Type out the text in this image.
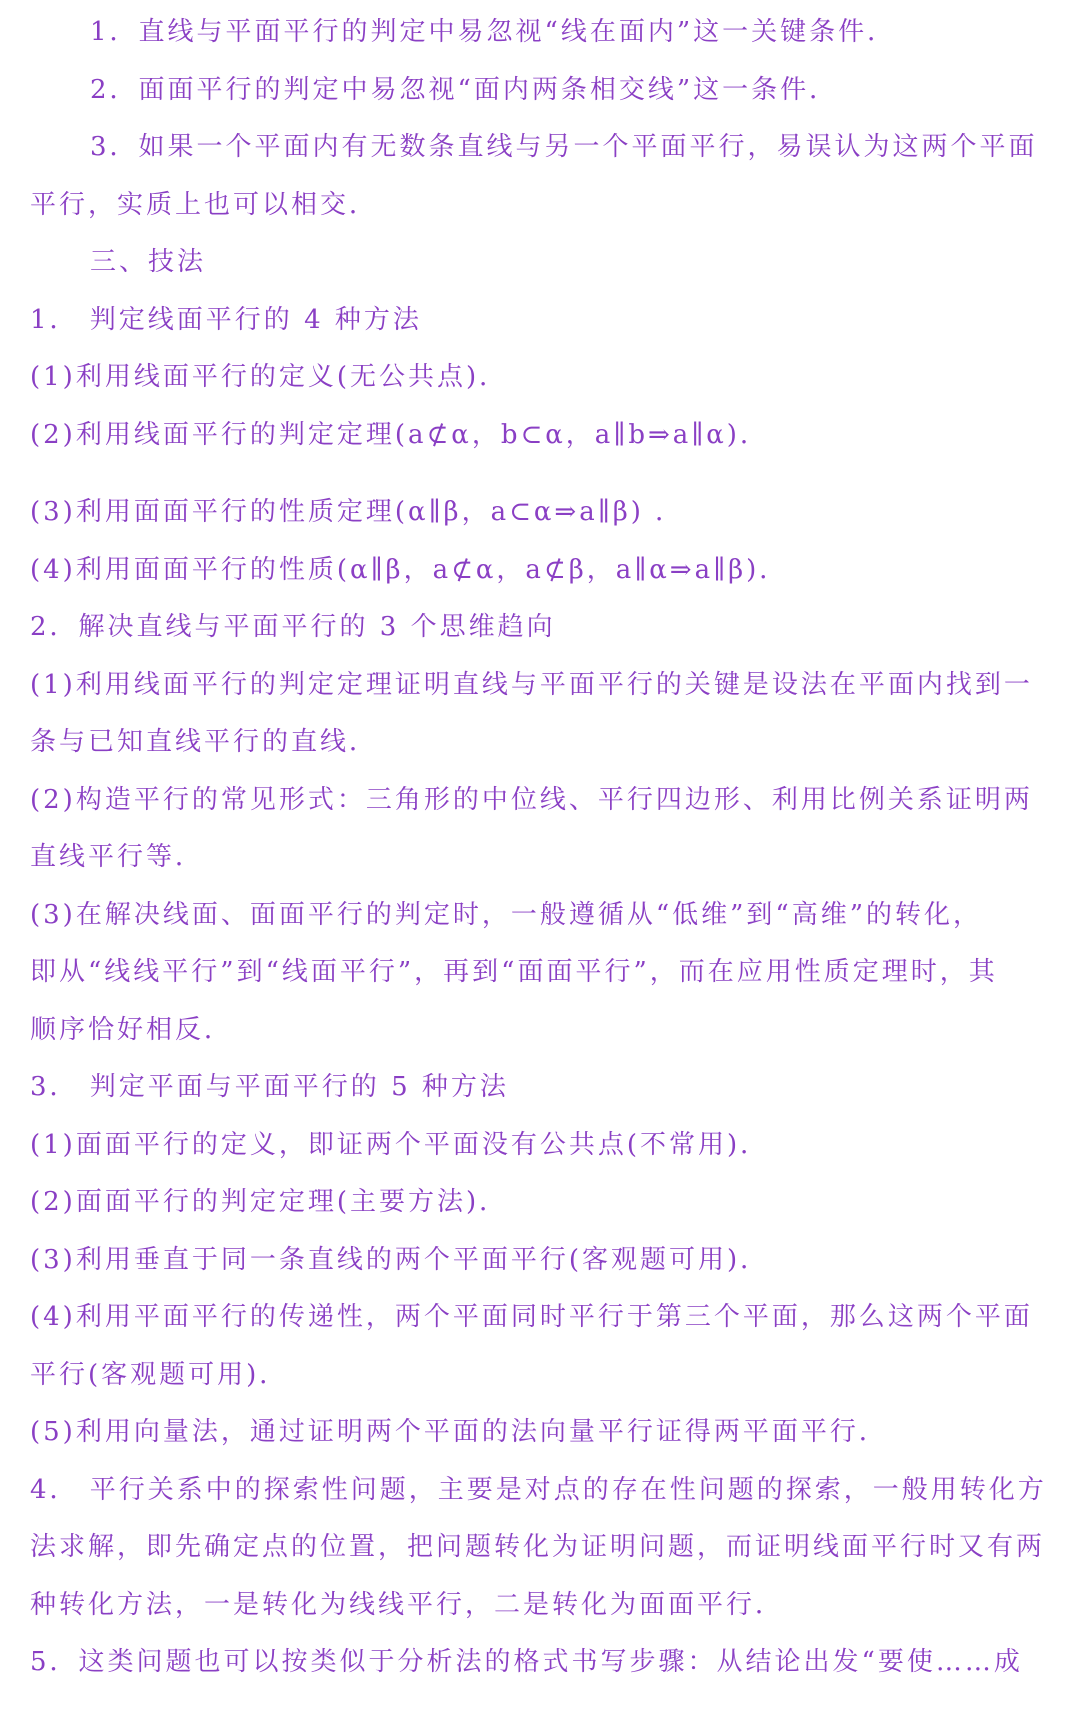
1．直线与平面平行的判定中易忽视“线在面内”这一关键条件．
2．面面平行的判定中易忽视“面内两条相交线”这一条件．
3．如果一个平面内有无数条直线与另一个平面平行，易误认为这两个平面
平行，实质上也可以相交．
三、技法
1． 判定线面平行的 4 种方法
(1)利用线面平行的定义(无公共点)．
(2)利用线面平行的判定定理(a⊄α，b⊂α，a∥b⇒a∥α)．
(3)利用面面平行的性质定理(α∥β，a⊂α⇒a∥β) ．
(4)利用面面平行的性质(α∥β，a⊄α，a⊄β，a∥α⇒a∥β)．
2．解决直线与平面平行的 3 个思维趋向
(1)利用线面平行的判定定理证明直线与平面平行的关键是设法在平面内找到一
条与已知直线平行的直线．
(2)构造平行的常见形式：三角形的中位线、平行四边形、利用比例关系证明两
直线平行等．
(3)在解决线面、面面平行的判定时，一般遵循从“低维”到“高维”的转化，
即从“线线平行”到“线面平行”，再到“面面平行”，而在应用性质定理时，其
顺序恰好相反．
3． 判定平面与平面平行的 5 种方法
(1)面面平行的定义，即证两个平面没有公共点(不常用)．
(2)面面平行的判定定理(主要方法)．
(3)利用垂直于同一条直线的两个平面平行(客观题可用)．
(4)利用平面平行的传递性，两个平面同时平行于第三个平面，那么这两个平面
平行(客观题可用)．
(5)利用向量法，通过证明两个平面的法向量平行证得两平面平行．
4． 平行关系中的探索性问题，主要是对点的存在性问题的探索，一般用转化方
法求解，即先确定点的位置，把问题转化为证明问题，而证明线面平行时又有两
种转化方法，一是转化为线线平行，二是转化为面面平行．
5．这类问题也可以按类似于分析法的格式书写步骤：从结论出发“要使……成
